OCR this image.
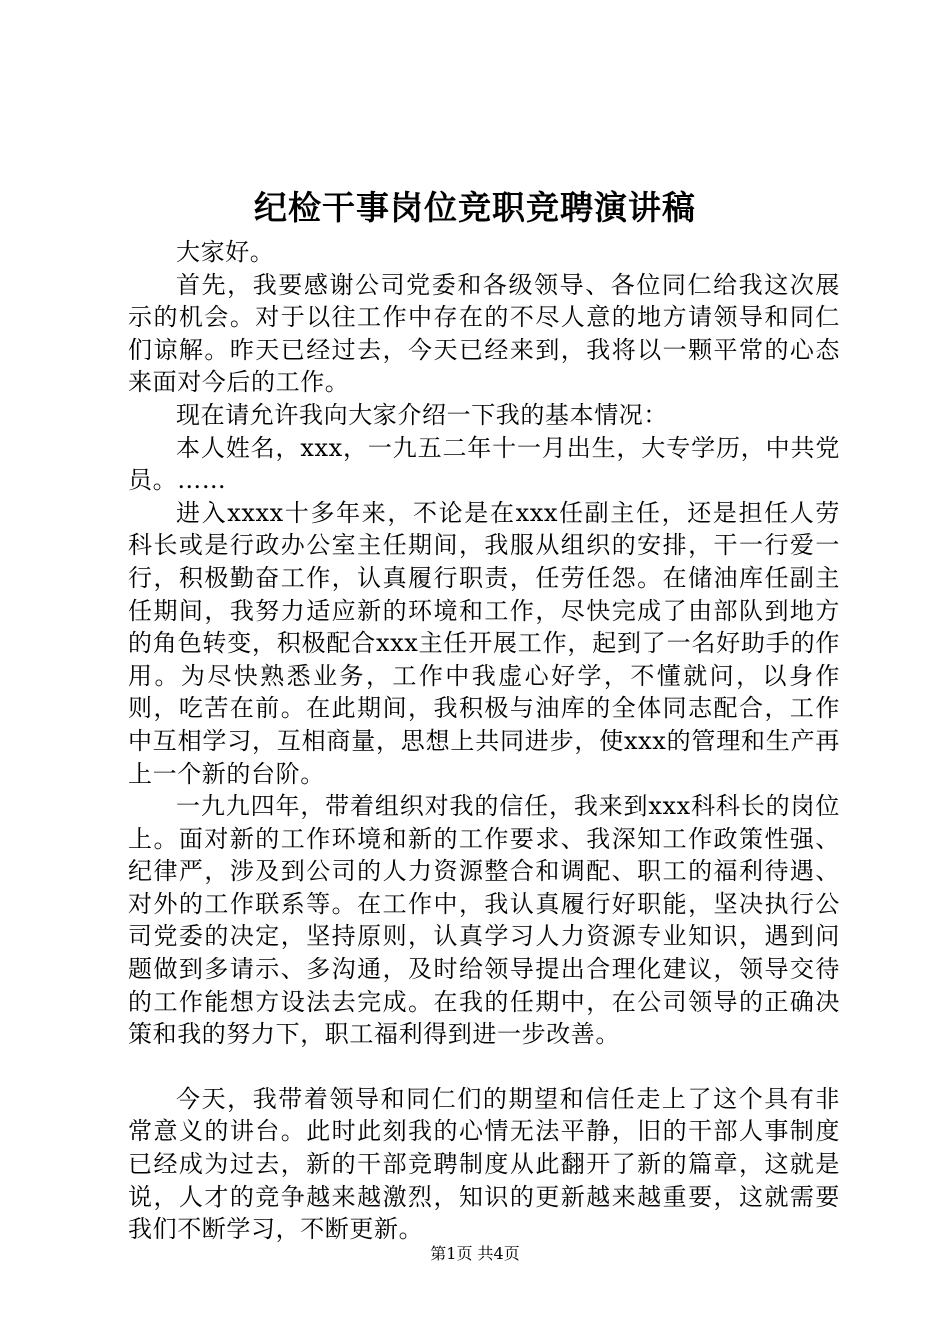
纪检干事岗位竞职竞聘演讲稿

大家好。

首先，我要感谢公司党委和各级领导、各位同仁给我这次展示的机会。对于以往工作中存在的不尽人意的地方请领导和同仁们谅解。昨天已经过去，今天已经来到，我将以一颗平常的心态来面对今后的工作。

现在请允许我向大家介绍一下我的基本情况：

本人姓名，xxx，一九五二年十一月出生，大专学历，中共党员。……

进入xxxx十多年来，不论是在xxx任副主任，还是担任人劳科长或是行政办公室主任期间，我服从组织的安排，干一行爱一行，积极勤奋工作，认真履行职责，任劳任怨。在储油库任副主任期间，我努力适应新的环境和工作，尽快完成了由部队到地方的角色转变，积极配合xxx主任开展工作，起到了一名好助手的作用。为尽快熟悉业务，工作中我虚心好学，不懂就问，以身作则，吃苦在前。在此期间，我积极与油库的全体同志配合，工作中互相学习，互相商量，思想上共同进步，使xxx的管理和生产再上一个新的台阶。

一九九四年，带着组织对我的信任，我来到xxx科科长的岗位上。面对新的工作环境和新的工作要求、我深知工作政策性强、纪律严，涉及到公司的人力资源整合和调配、职工的福利待遇、对外的工作联系等。在工作中，我认真履行好职能，坚决执行公司党委的决定，坚持原则，认真学习人力资源专业知识，遇到问题做到多请示、多沟通，及时给领导提出合理化建议，领导交待的工作能想方设法去完成。在我的任期中，在公司领导的正确决策和我的努力下，职工福利得到进一步改善。

今天，我带着领导和同仁们的期望和信任走上了这个具有非常意义的讲台。此时此刻我的心情无法平静，旧的干部人事制度已经成为过去，新的干部竞聘制度从此翻开了新的篇章，这就是说，人才的竞争越来越激烈，知识的更新越来越重要，这就需要我们不断学习，不断更新。

第1页 共4页
